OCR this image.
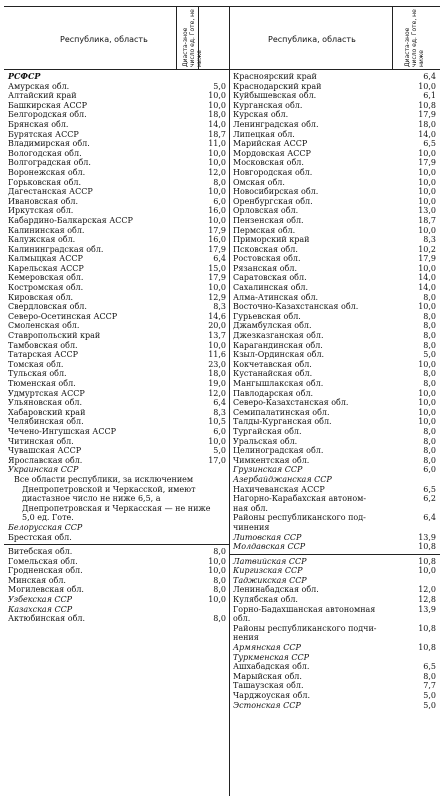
Республика, область	Диаста-зное число ед. Готе, не ниже
Республика, область	Диаста-зное число ед. Готе, не ниже
РСФСР
Амурская обл.	5,0
Алтайский край	10,0
Башкирская АССР	10,0
Белгородская обл.	18,0
Брянская обл.	14,0
Бурятская АССР	18,7
Владимирская обл.	11,0
Вологодская обл.	10,0
Волгоградская обл.	10,0
Воронежская обл.	12,0
Горьковская обл.	8,0
Дагестанская АССР	10,0
Ивановская обл.	6,0
Иркутская обл.	16,0
Кабардино-Балкарская АССР	10,0
Калининская обл.	17,9
Калужская обл.	16,0
Калининградская обл.	17,9
Калмыцкая АССР	6,4
Карельская АССР	15,0
Кемеровская обл.	17,9
Костромская обл.	10,0
Кировская обл.	12,9
Свердловская обл.	8,3
Северо-Осетинская АССР	14,6
Смоленская обл.	20,0
Ставропольский край	13,7
Тамбовская обл.	10,0
Татарская АССР	11,6
Томская обл.	23,0
Тульская обл.	18,0
Тюменская обл.	19,0
Удмуртская АССР	12,0
Ульяновская обл.	6,4
Хабаровский край	8,3
Челябинская обл.	10,5
Чечено-Ингушская АССР	6,0
Читинская обл.	10,0
Чувашская АССР	5,0
Ярославская обл.	17,0
Украинская ССР
Все области республики, за исключением Днепропетровской и Черкасской, имеют диастазное число не ниже 6,5, а Днепропетровская и Черкасская — не ниже 5,0 ед. Готе.
Белорусская ССР
Брестская обл.
Витебская обл.	8,0
Гомельская обл.	10,0
Гродненская обл.	10,0
Минская обл.	8,0
Могилевская обл.	8,0
Узбекская ССР	10,0
Казахская ССР
Актюбинская обл.	8,0
Красноярский край	6,4
Краснодарский край	10,0
Куйбышевская обл.	6,1
Курганская обл.	10,8
Курская обл.	17,9
Ленинградская обл.	18,0
Липецкая обл.	14,0
Марийская АССР	6,5
Мордовская АССР	10,0
Московская обл.	17,9
Новгородская обл.	10,0
Омская обл.	10,0
Новосибирская обл.	10,0
Оренбургская обл.	10,0
Орловская обл.	13,0
Пензенская обл.	18,7
Пермская обл.	10,0
Приморский край	8,3
Псковская обл.	10,2
Ростовская обл.	17,9
Рязанская обл.	10,0
Саратовская обл.	14,0
Сахалинская обл.	14,0
Алма-Атинская обл.	8,0
Восточно-Казахстанская обл.	10,0
Гурьевская обл.	8,0
Джамбулская обл.	8,0
Джезказганская обл.	8,0
Карагандинская обл.	8,0
Кзыл-Ординская обл.	5,0
Кокчетавская обл.	10,0
Кустанайская обл.	8,0
Мангышлакская обл.	8,0
Павлодарская обл.	10,0
Северо-Казахстанская обл.	10,0
Семипалатинская обл.	10,0
Талды-Курганская обл.	10,0
Тургайская обл.	8,0
Уральская обл.	8,0
Целиноградская обл.	8,0
Чимкентская обл.	8,0
Грузинская ССР	6,0
Азербайджанская ССР
Нахичеванская АССР	6,5
Нагорно-Карабахская автоном-	6,2
ная обл.
Районы республиканского под-	6,4
чинения
Литовская ССР	13,9
Молдавская ССР	10,8
Латвийская ССР	10,8
Киргизская ССР	10,0
Таджикская ССР
Ленинабадская обл.	12,0
Кулябская обл.	12,8
Горно-Бадахшанская автономная	13,9
обл.
Районы республиканского подчи-	10,8
нения
Армянская ССР	10,8
Туркменская ССР
Ашхабадская обл.	6,5
Марыйская обл.	8,0
Ташаузская обл.	7,7
Чарджоуская обл.	5,0
Эстонская ССР	5,0
